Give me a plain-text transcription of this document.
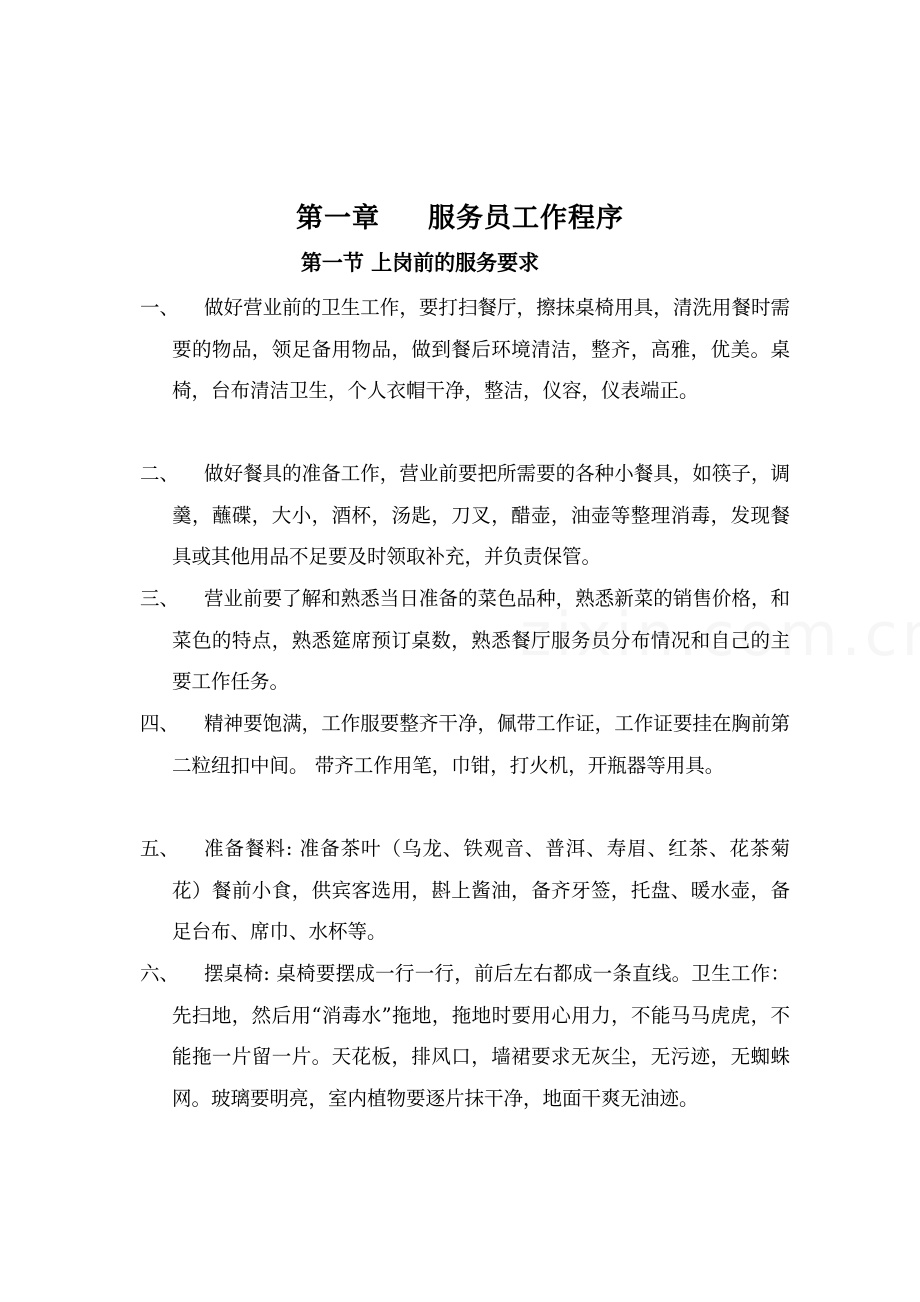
第一章 服务员工作程序
第一节 上岗前的服务要求
一、	做好营业前的卫生工作，要打扫餐厅，擦抹桌椅用具，清洗用餐时需要的物品，领足备用物品，做到餐后环境清洁，整齐，高雅，优美。桌椅，台布清洁卫生，个人衣帽干净，整洁，仪容，仪表端正。
二、	做好餐具的准备工作，营业前要把所需要的各种小餐具，如筷子，调羹，蘸碟，大小，酒杯，汤匙，刀叉，醋壶，油壶等整理消毒，发现餐具或其他用品不足要及时领取补充，并负责保管。
三、	营业前要了解和熟悉当日准备的菜色品种，熟悉新菜的销售价格，和菜色的特点，熟悉筵席预订桌数，熟悉餐厅服务员分布情况和自己的主要工作任务。
四、	精神要饱满，工作服要整齐干净，佩带工作证，工作证要挂在胸前第二粒纽扣中间。 带齐工作用笔，巾钳，打火机，开瓶器等用具。
五、	准备餐料: 准备茶叶（乌龙、铁观音、普洱、寿眉、红茶、花茶菊花）餐前小食，供宾客选用，斟上酱油，备齐牙签，托盘、暖水壶，备足台布、席巾、水杯等。
六、	摆桌椅: 桌椅要摆成一行一行，前后左右都成一条直线。卫生工作：先扫地，然后用“消毒水”拖地，拖地时要用心用力，不能马马虎虎，不能拖一片留一片。天花板，排风口，墙裙要求无灰尘，无污迹，无蜘蛛网。玻璃要明亮，室内植物要逐片抹干净，地面干爽无油迹。
